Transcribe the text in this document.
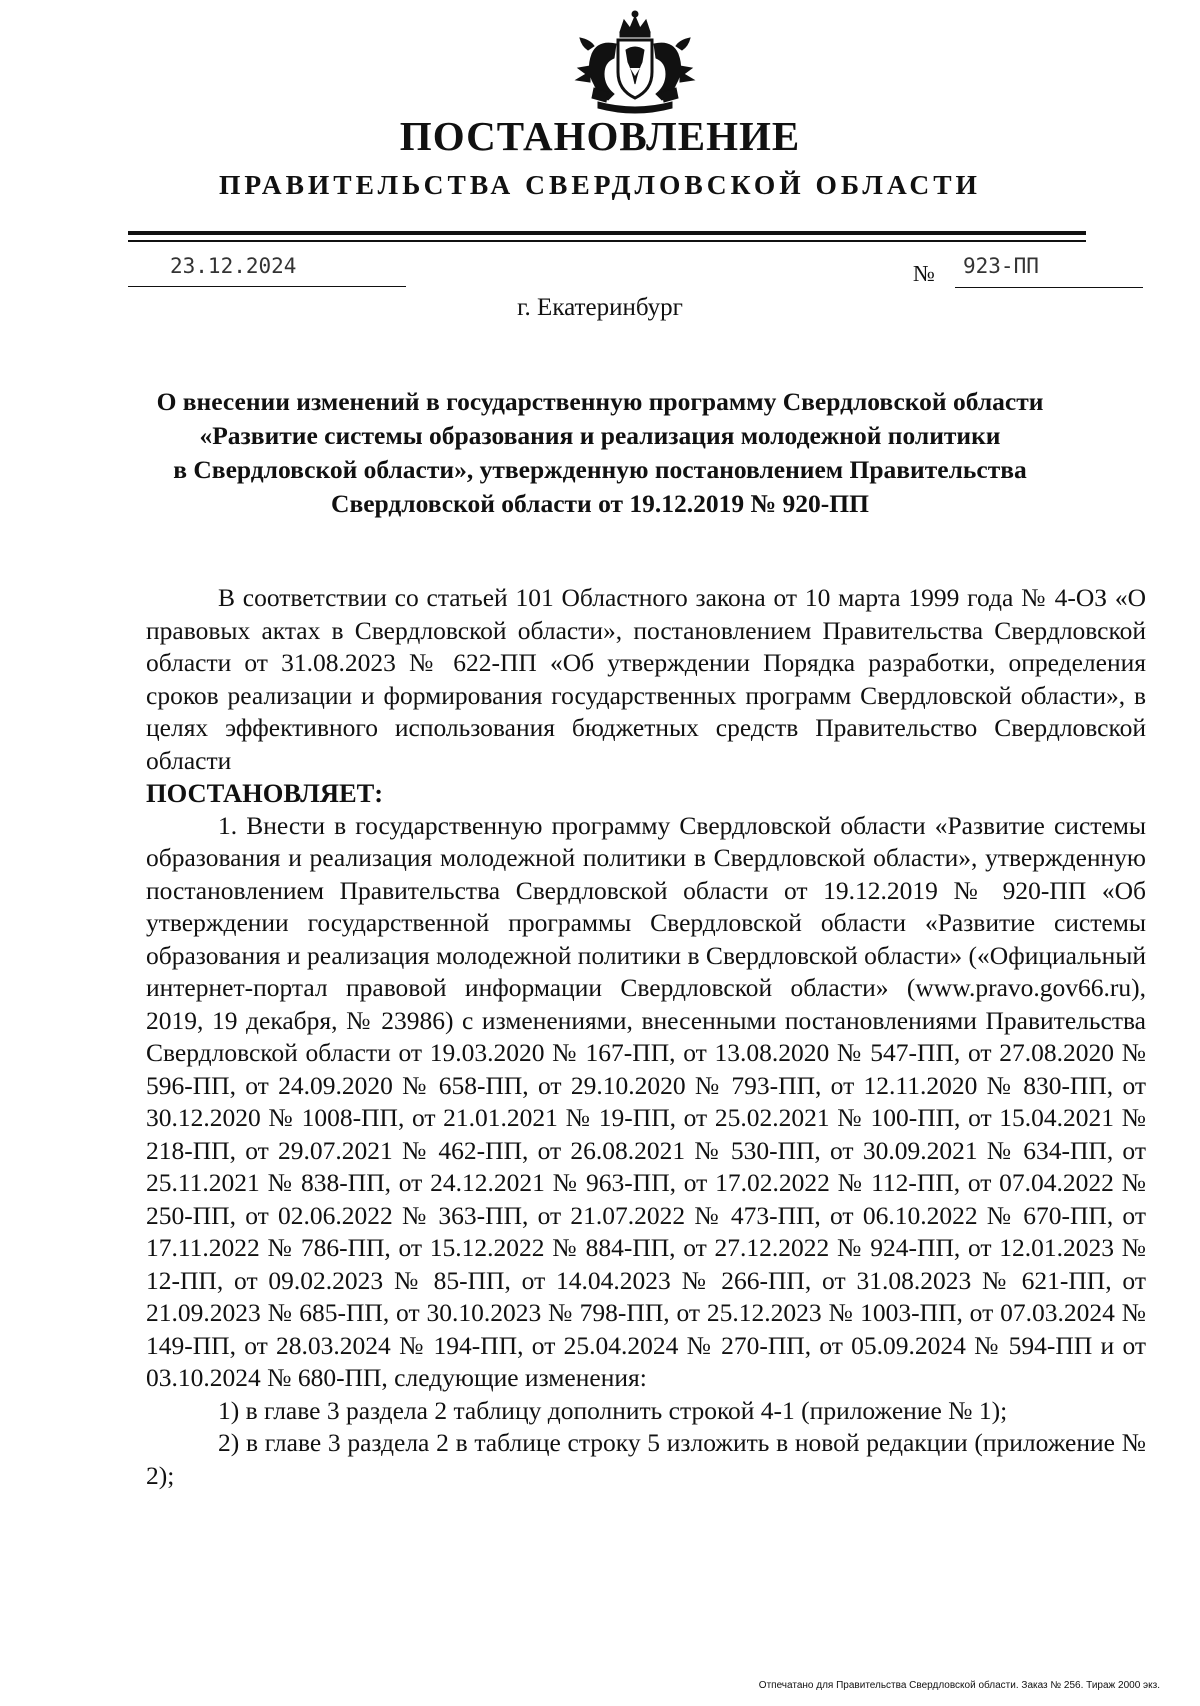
ПОСТАНОВЛЕНИЕ
ПРАВИТЕЛЬСТВА СВЕРДЛОВСКОЙ ОБЛАСТИ
23.12.2024	№ 923-ПП
г. Екатеринбург
О внесении изменений в государственную программу Свердловской области
«Развитие системы образования и реализация молодежной политики
в Свердловской области», утвержденную постановлением Правительства
Свердловской области от 19.12.2019 № 920-ПП

В соответствии со статьей 101 Областного закона от 10 марта 1999 года № 4-ОЗ «О правовых актах в Свердловской области», постановлением Правительства Свердловской области от 31.08.2023 № 622-ПП «Об утверждении Порядка разработки, определения сроков реализации и формирования государственных программ Свердловской области», в целях эффективного использования бюджетных средств Правительство Свердловской области

ПОСТАНОВЛЯЕТ:

1. Внести в государственную программу Свердловской области «Развитие системы образования и реализация молодежной политики в Свердловской области», утвержденную постановлением Правительства Свердловской области от 19.12.2019 № 920-ПП «Об утверждении государственной программы Свердловской области «Развитие системы образования и реализация молодежной политики в Свердловской области» («Официальный интернет-портал правовой информации Свердловской области» (www.pravo.gov66.ru), 2019, 19 декабря, № 23986) с изменениями, внесенными постановлениями Правительства Свердловской области от 19.03.2020 № 167-ПП, от 13.08.2020 № 547-ПП, от 27.08.2020 № 596-ПП, от 24.09.2020 № 658-ПП, от 29.10.2020 № 793-ПП, от 12.11.2020 № 830-ПП, от 30.12.2020 № 1008-ПП, от 21.01.2021 № 19-ПП, от 25.02.2021 № 100-ПП, от 15.04.2021 № 218-ПП, от 29.07.2021 № 462-ПП, от 26.08.2021 № 530-ПП, от 30.09.2021 № 634-ПП, от 25.11.2021 № 838-ПП, от 24.12.2021 № 963-ПП, от 17.02.2022 № 112-ПП, от 07.04.2022 № 250-ПП, от 02.06.2022 № 363-ПП, от 21.07.2022 № 473-ПП, от 06.10.2022 № 670-ПП, от 17.11.2022 № 786-ПП, от 15.12.2022 № 884-ПП, от 27.12.2022 № 924-ПП, от 12.01.2023 № 12-ПП, от 09.02.2023 № 85-ПП, от 14.04.2023 № 266-ПП, от 31.08.2023 № 621-ПП, от 21.09.2023 № 685-ПП, от 30.10.2023 № 798-ПП, от 25.12.2023 № 1003-ПП, от 07.03.2024 № 149-ПП, от 28.03.2024 № 194-ПП, от 25.04.2024 № 270-ПП, от 05.09.2024 № 594-ПП и от 03.10.2024 № 680-ПП, следующие изменения:

1) в главе 3 раздела 2 таблицу дополнить строкой 4-1 (приложение № 1);

2) в главе 3 раздела 2 в таблице строку 5 изложить в новой редакции (приложение № 2);

Отпечатано для Правительства Свердловской области. Заказ № 256. Тираж 2000 экз.
